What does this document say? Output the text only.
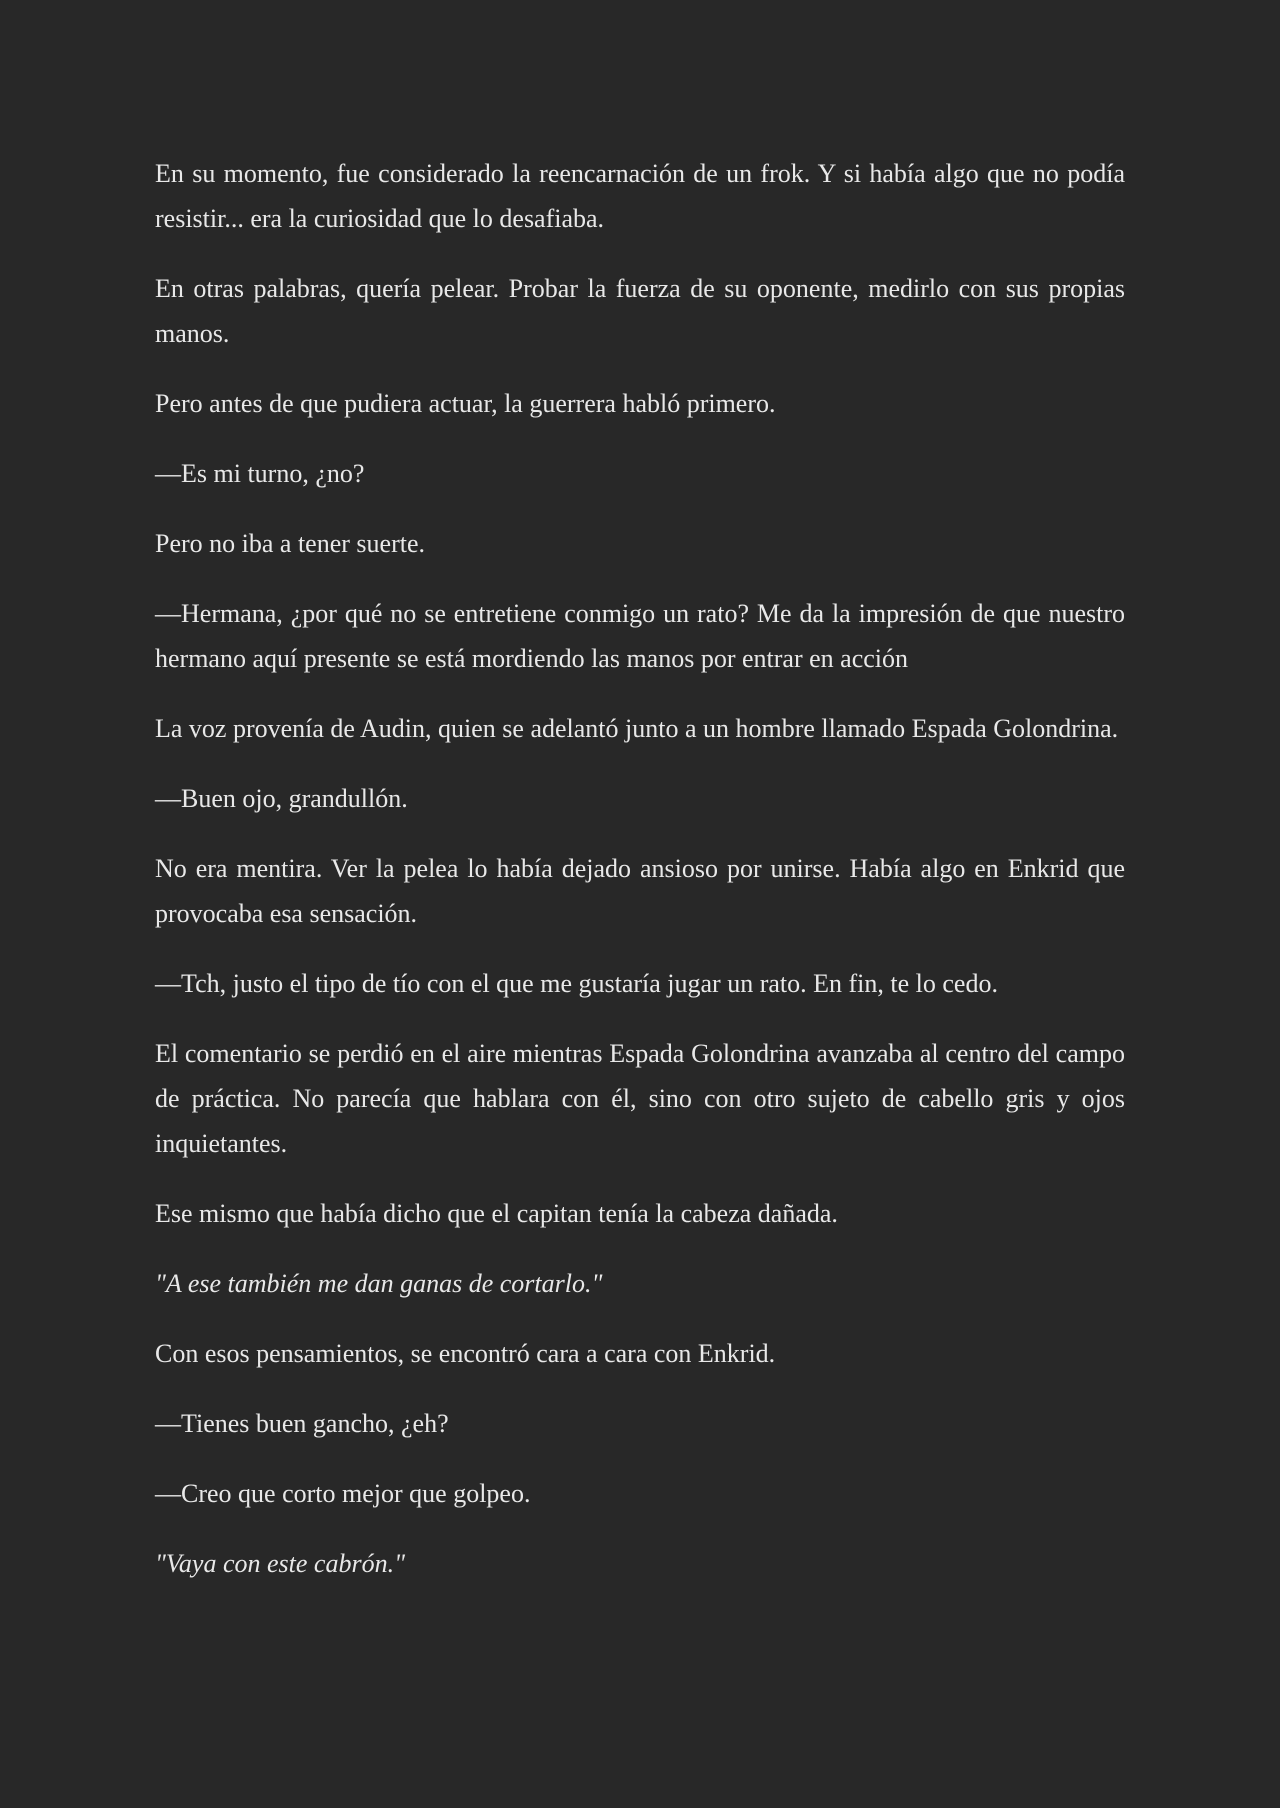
En su momento, fue considerado la reencarnación de un frok. Y si había algo que no podía resistir... era la curiosidad que lo desafiaba.

En otras palabras, quería pelear. Probar la fuerza de su oponente, medirlo con sus propias manos.

Pero antes de que pudiera actuar, la guerrera habló primero.

—Es mi turno, ¿no?

Pero no iba a tener suerte.

—Hermana, ¿por qué no se entretiene conmigo un rato? Me da la impresión de que nuestro hermano aquí presente se está mordiendo las manos por entrar en acción

La voz provenía de Audin, quien se adelantó junto a un hombre llamado Espada Golondrina.

—Buen ojo, grandullón.

No era mentira. Ver la pelea lo había dejado ansioso por unirse. Había algo en Enkrid que provocaba esa sensación.

—Tch, justo el tipo de tío con el que me gustaría jugar un rato. En fin, te lo cedo.

El comentario se perdió en el aire mientras Espada Golondrina avanzaba al centro del campo de práctica. No parecía que hablara con él, sino con otro sujeto de cabello gris y ojos inquietantes.

Ese mismo que había dicho que el capitan tenía la cabeza dañada.

"A ese también me dan ganas de cortarlo."

Con esos pensamientos, se encontró cara a cara con Enkrid.

—Tienes buen gancho, ¿eh?

—Creo que corto mejor que golpeo.

"Vaya con este cabrón."
